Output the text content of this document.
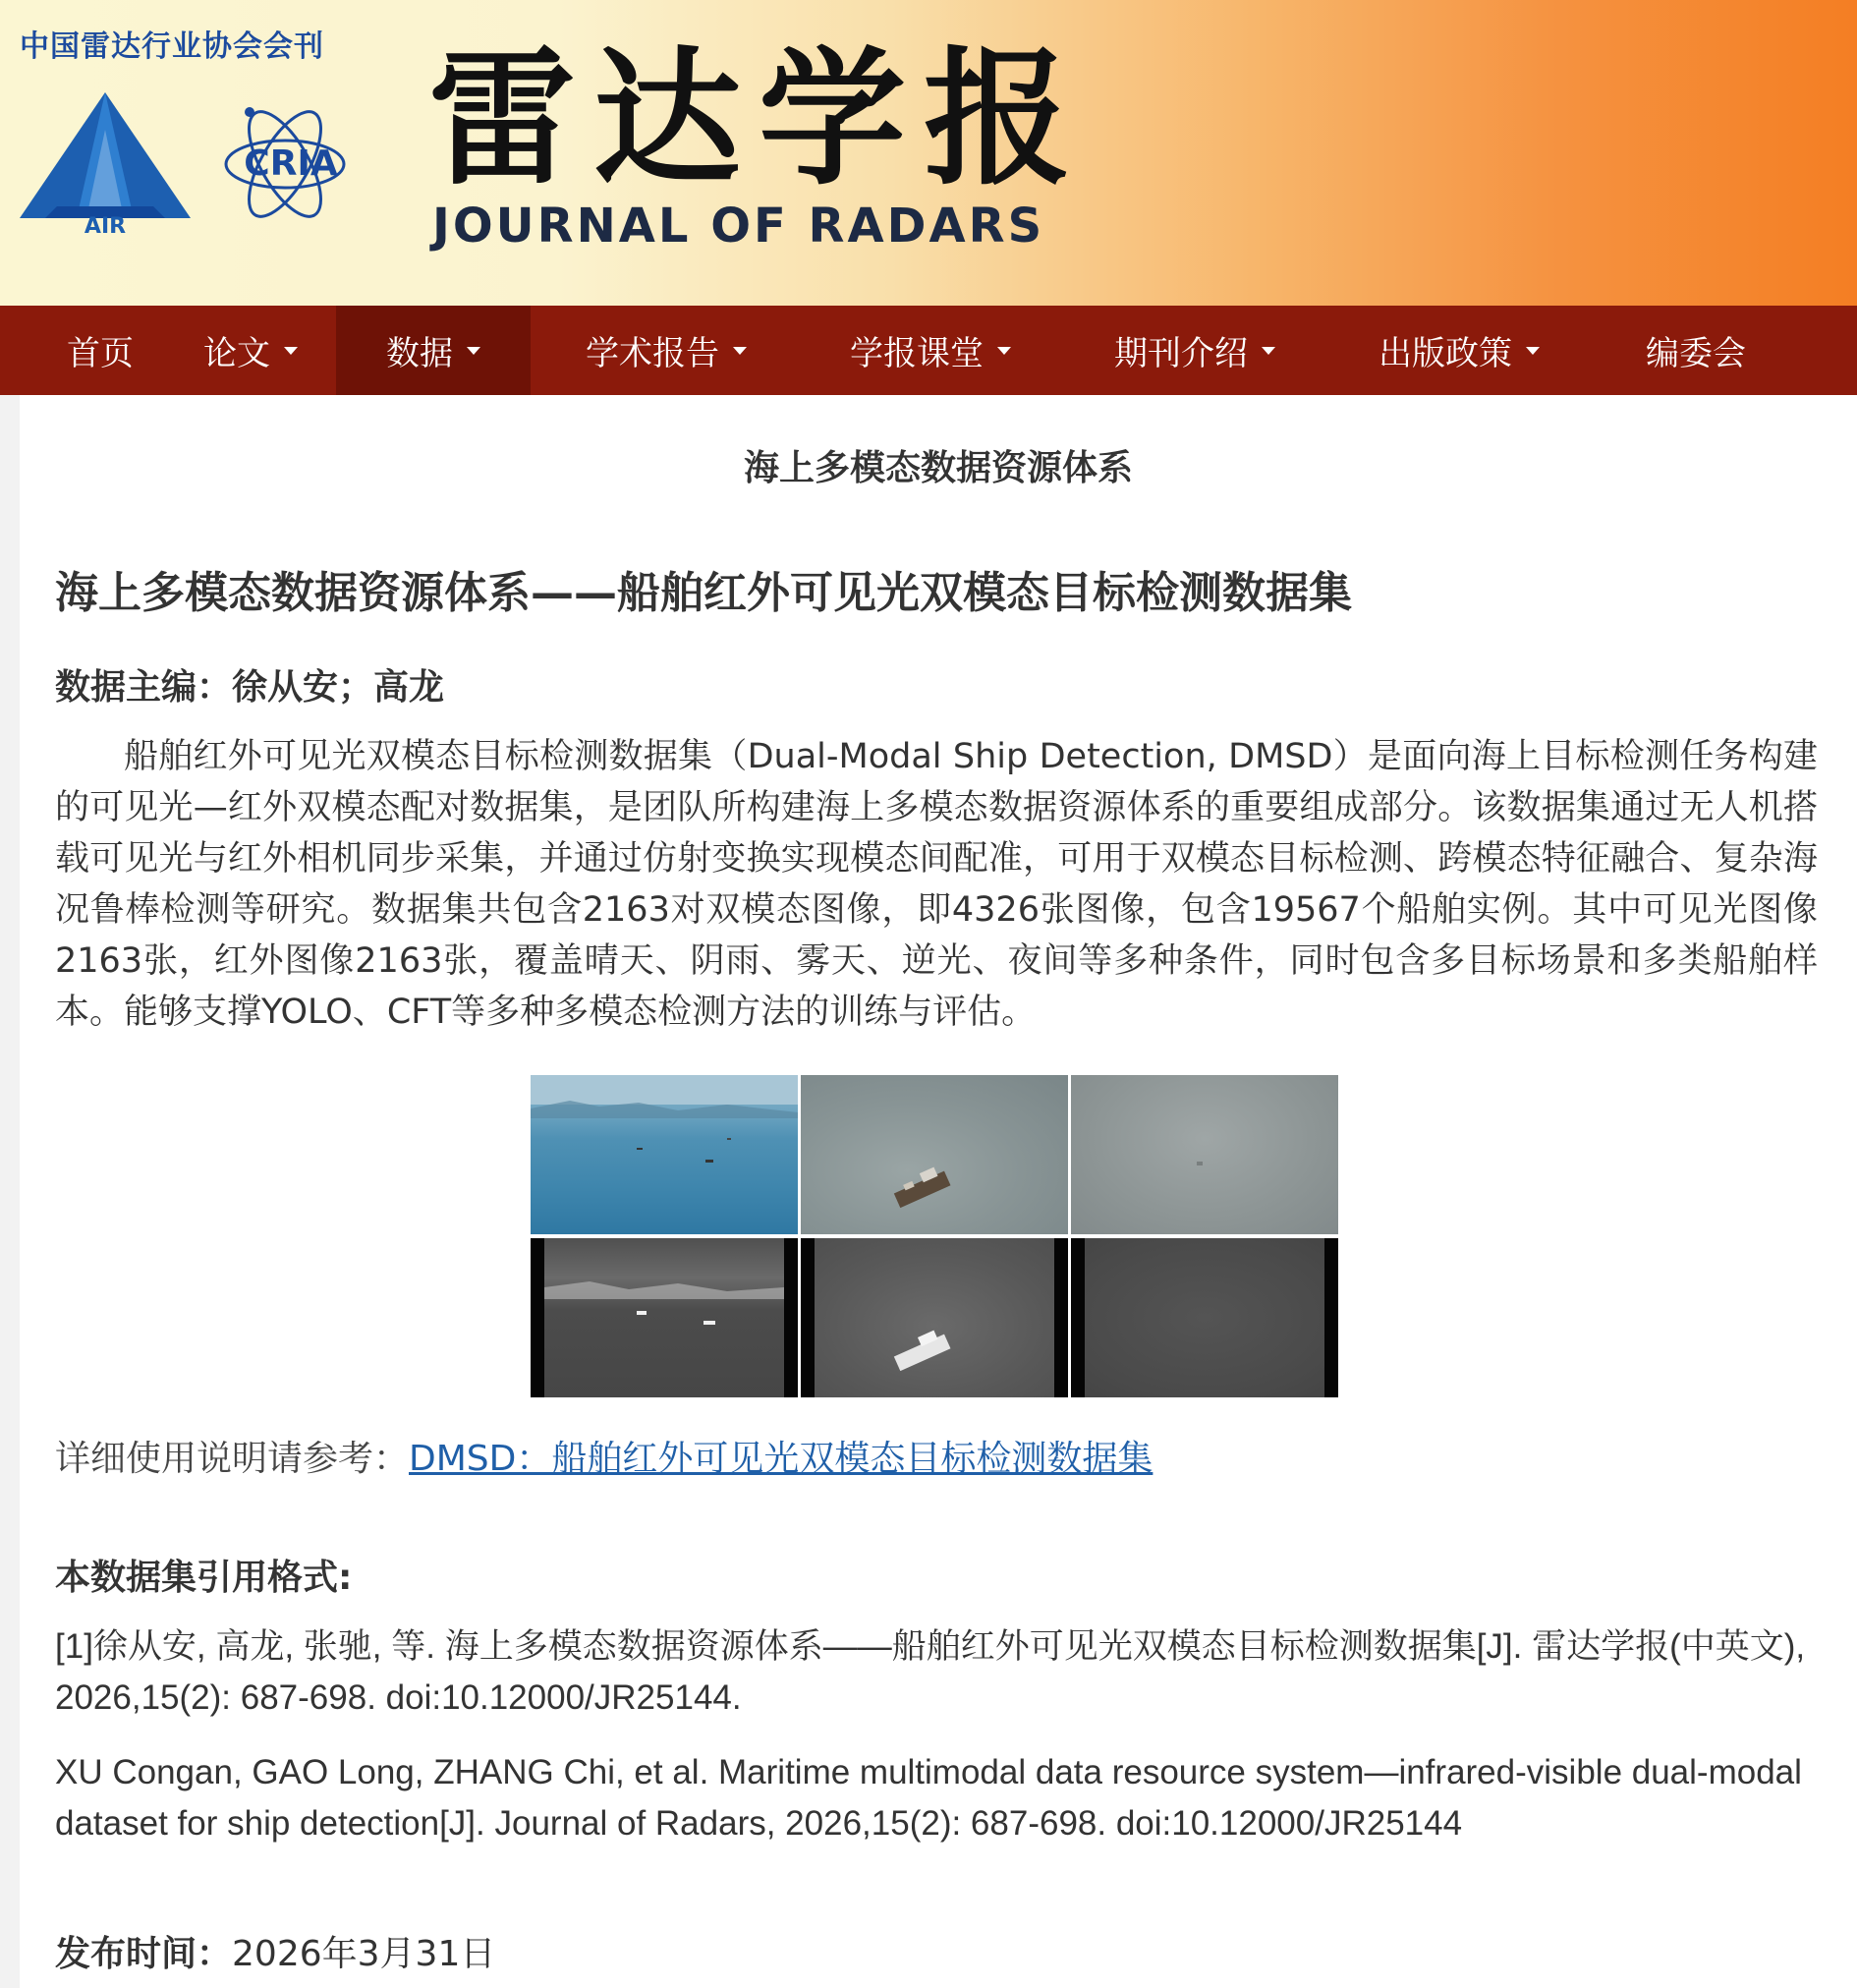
中国雷达行业协会会刊
AIR
CRIA 雷达学报
JOURNAL OF RADARS
首页 论文	数据	学术报告	学报课堂	期刊介绍	出版政策	编委会
海上多模态数据资源体系
海上多模态数据资源体系——船舶红外可见光双模态目标检测数据集
数据主编：徐从安；高龙
船舶红外可见光双模态目标检测数据集（Dual-Modal Ship Detection, DMSD）是面向海上目标检测任务构建的可见光—红外双模态配对数据集，是团队所构建海上多模态数据资源体系的重要组成部分。该数据集通过无人机搭载可见光与红外相机同步采集，并通过仿射变换实现模态间配准，可用于双模态目标检测、跨模态特征融合、复杂海况鲁棒检测等研究。数据集共包含2163对双模态图像，即4326张图像，包含19567个船舶实例。其中可见光图像2163张，红外图像2163张，覆盖晴天、阴雨、雾天、逆光、夜间等多种条件，同时包含多目标场景和多类船舶样本。能够支撑YOLO、CFT等多种多模态检测方法的训练与评估。
详细使用说明请参考：DMSD：船舶红外可见光双模态目标检测数据集
本数据集引用格式:
[1]徐从安, 高龙, 张驰, 等. 海上多模态数据资源体系——船舶红外可见光双模态目标检测数据集[J]. 雷达学报(中英文), 2026,15(2): 687-698. doi:10.12000/JR25144.
XU Congan, GAO Long, ZHANG Chi, et al. Maritime multimodal data resource system—infrared-visible dual-modal dataset for ship detection[J]. Journal of Radars, 2026,15(2): 687-698. doi:10.12000/JR25144
发布时间：2026年3月31日
